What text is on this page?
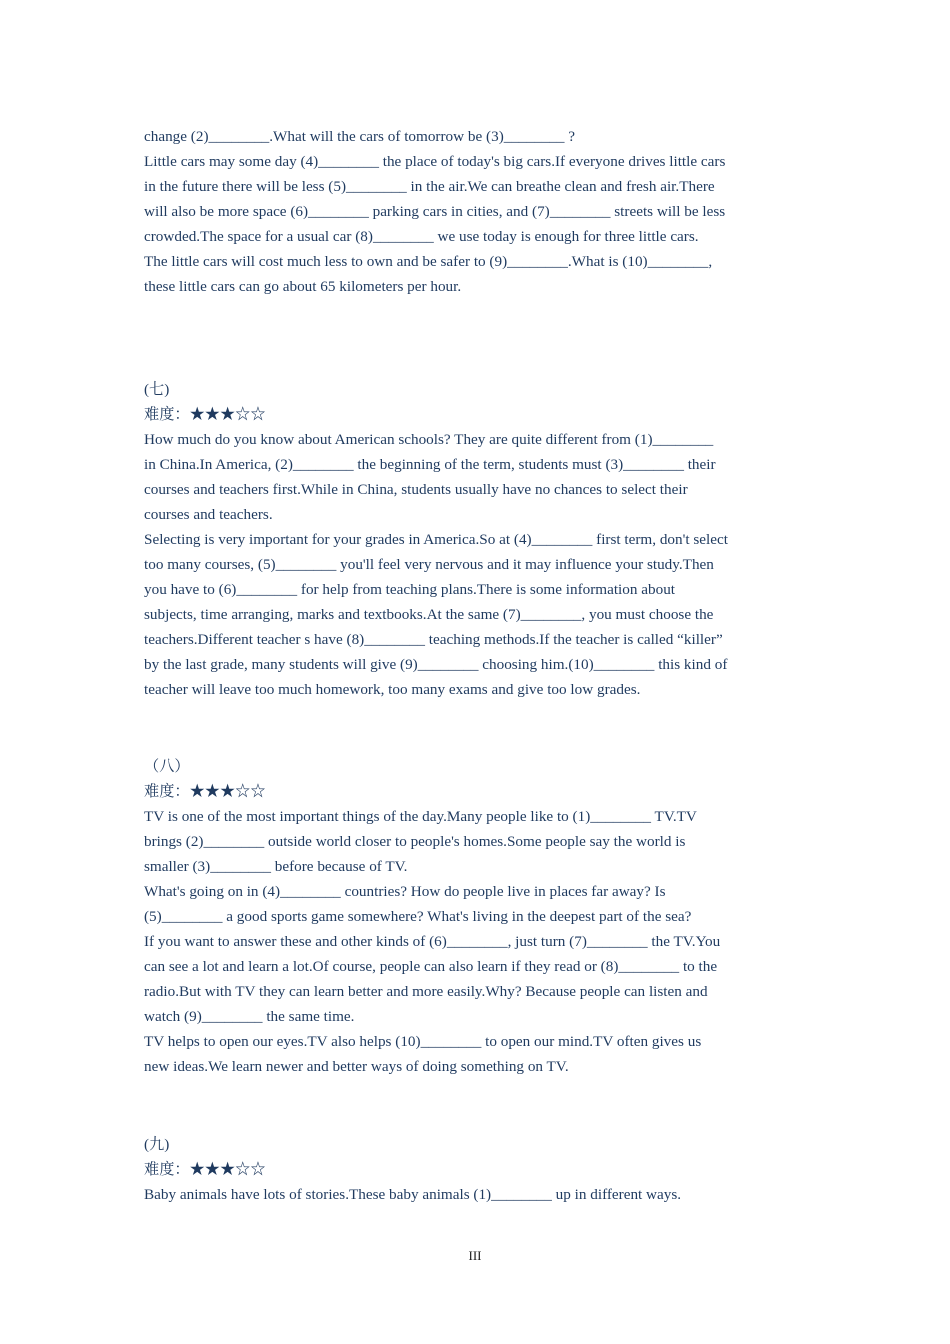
change (2)________.What will the cars of tomorrow be (3)________ ?
Little cars may some day (4)________ the place of today's big cars.If everyone drives little cars
in the future there will be less (5)________ in the air.We can breathe clean and fresh air.There
will also be more space (6)________ parking cars in cities, and (7)________ streets will be less
crowded.The space for a usual car (8)________ we use today is enough for three little cars.
The little cars will cost much less to own and be safer to (9)________.What is (10)________,
these little cars can go about 65 kilometers per hour.
(七)
难度：★★★☆☆
How much do you know about American schools? They are quite different from (1)________
in China.In America, (2)________ the beginning of the term, students must (3)________ their
courses and teachers first.While in China, students usually have no chances to select their
courses and teachers.
Selecting is very important for your grades in America.So at (4)________ first term, don't select
too many courses, (5)________ you'll feel very nervous and it may influence your study.Then
you have to (6)________ for help from teaching plans.There is some information about
subjects, time arranging, marks and textbooks.At the same (7)________, you must choose the
teachers.Different teacher s have (8)________ teaching methods.If the teacher is called “killer”
by the last grade, many students will give (9)________ choosing him.(10)________ this kind of
teacher will leave too much homework, too many exams and give too low grades.
（八）
难度：★★★☆☆
TV is one of the most important things of the day.Many people like to (1)________ TV.TV
brings (2)________ outside world closer to people's homes.Some people say the world is
smaller (3)________ before because of TV.
What's going on in (4)________ countries? How do people live in places far away? Is
(5)________ a good sports game somewhere? What's living in the deepest part of the sea?
If you want to answer these and other kinds of (6)________, just turn (7)________ the TV.You
can see a lot and learn a lot.Of course, people can also learn if they read or (8)________ to the
radio.But with TV they can learn better and more easily.Why? Because people can listen and
watch (9)________ the same time.
TV helps to open our eyes.TV also helps (10)________ to open our mind.TV often gives us
new ideas.We learn newer and better ways of doing something on TV.
(九)
难度：★★★☆☆
Baby animals have lots of stories.These baby animals (1)________ up in different ways.
III
